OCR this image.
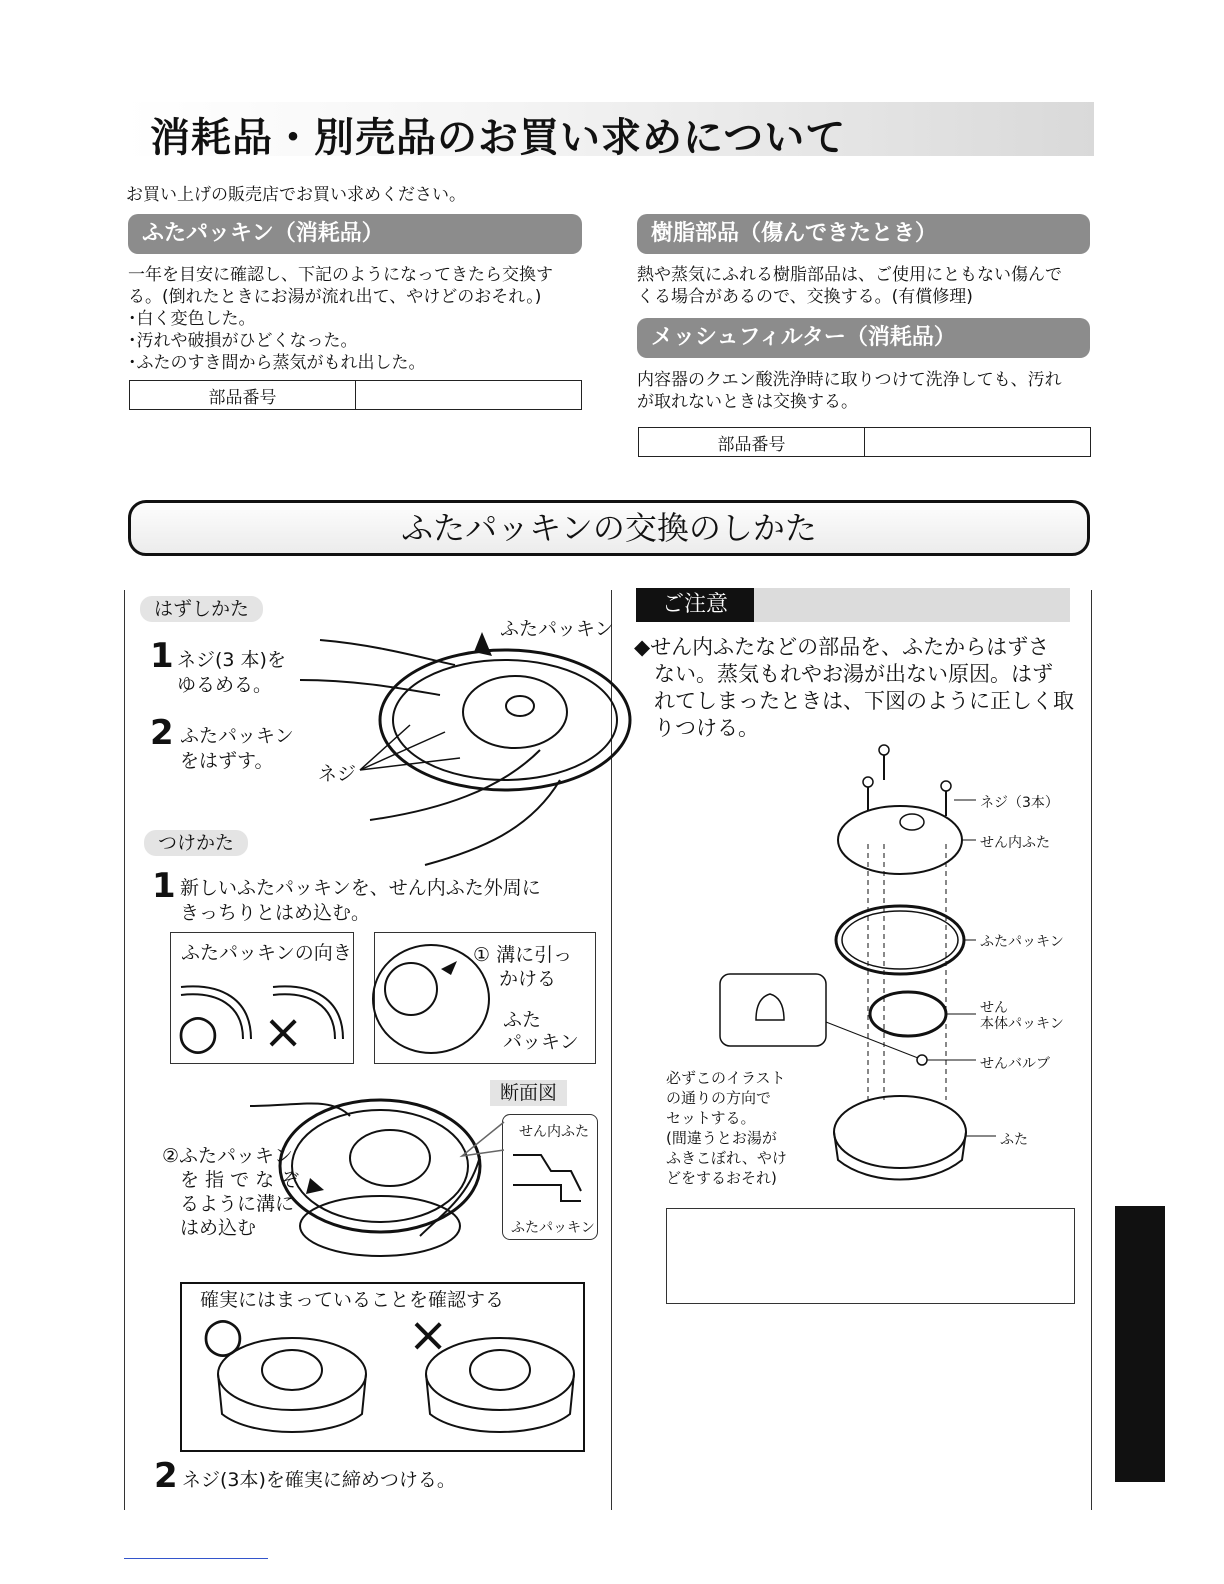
消耗品・別売品のお買い求めについて
お買い上げの販売店でお買い求めください。
ふたパッキン（消耗品）
一年を目安に確認し、下記のようになってきたら交換す
る。(倒れたときにお湯が流れ出て、やけどのおそれ。)
･白く変色した。
･汚れや破損がひどくなった。
･ふたのすき間から蒸気がもれ出した。
部品番号	
樹脂部品（傷んできたとき）
熱や蒸気にふれる樹脂部品は、ご使用にともない傷んで
くる場合があるので、交換する。(有償修理)
メッシュフィルター（消耗品）
内容器のクエン酸洗浄時に取りつけて洗浄しても、汚れ
が取れないときは交換する。
部品番号	
ふたパッキンの交換のしかた
はずしかた
1 ネジ(3 本)を
ゆるめる。
2 ふたパッキン
をはずす。
ふたパッキン
ネジ
つけかた
1 新しいふたパッキンを、せん内ふた外周に
きっちりとはめ込む。
ふたパッキンの向き
○ ×
① 溝に引っ
かける
ふた
パッキン
②ふたパッキン
を 指 で な ぞ
るように溝に
はめ込む
断面図
せん内ふた
ふたパッキン
確実にはまっていることを確認する
○	×
2 ネジ(3本)を確実に締めつける。
ご注意
◆せん内ふたなどの部品を、ふたからはずさ
ない。蒸気もれやお湯が出ない原因。はず
れてしまったときは、下図のように正しく取
りつける。
ネジ（3本）
せん内ふた
ふたパッキン
せん
本体パッキン
せんバルブ
ふた
必ずこのイラスト
の通りの方向で
セットする。
(間違うとお湯が
ふきこぼれ、やけ
どをするおそれ)
